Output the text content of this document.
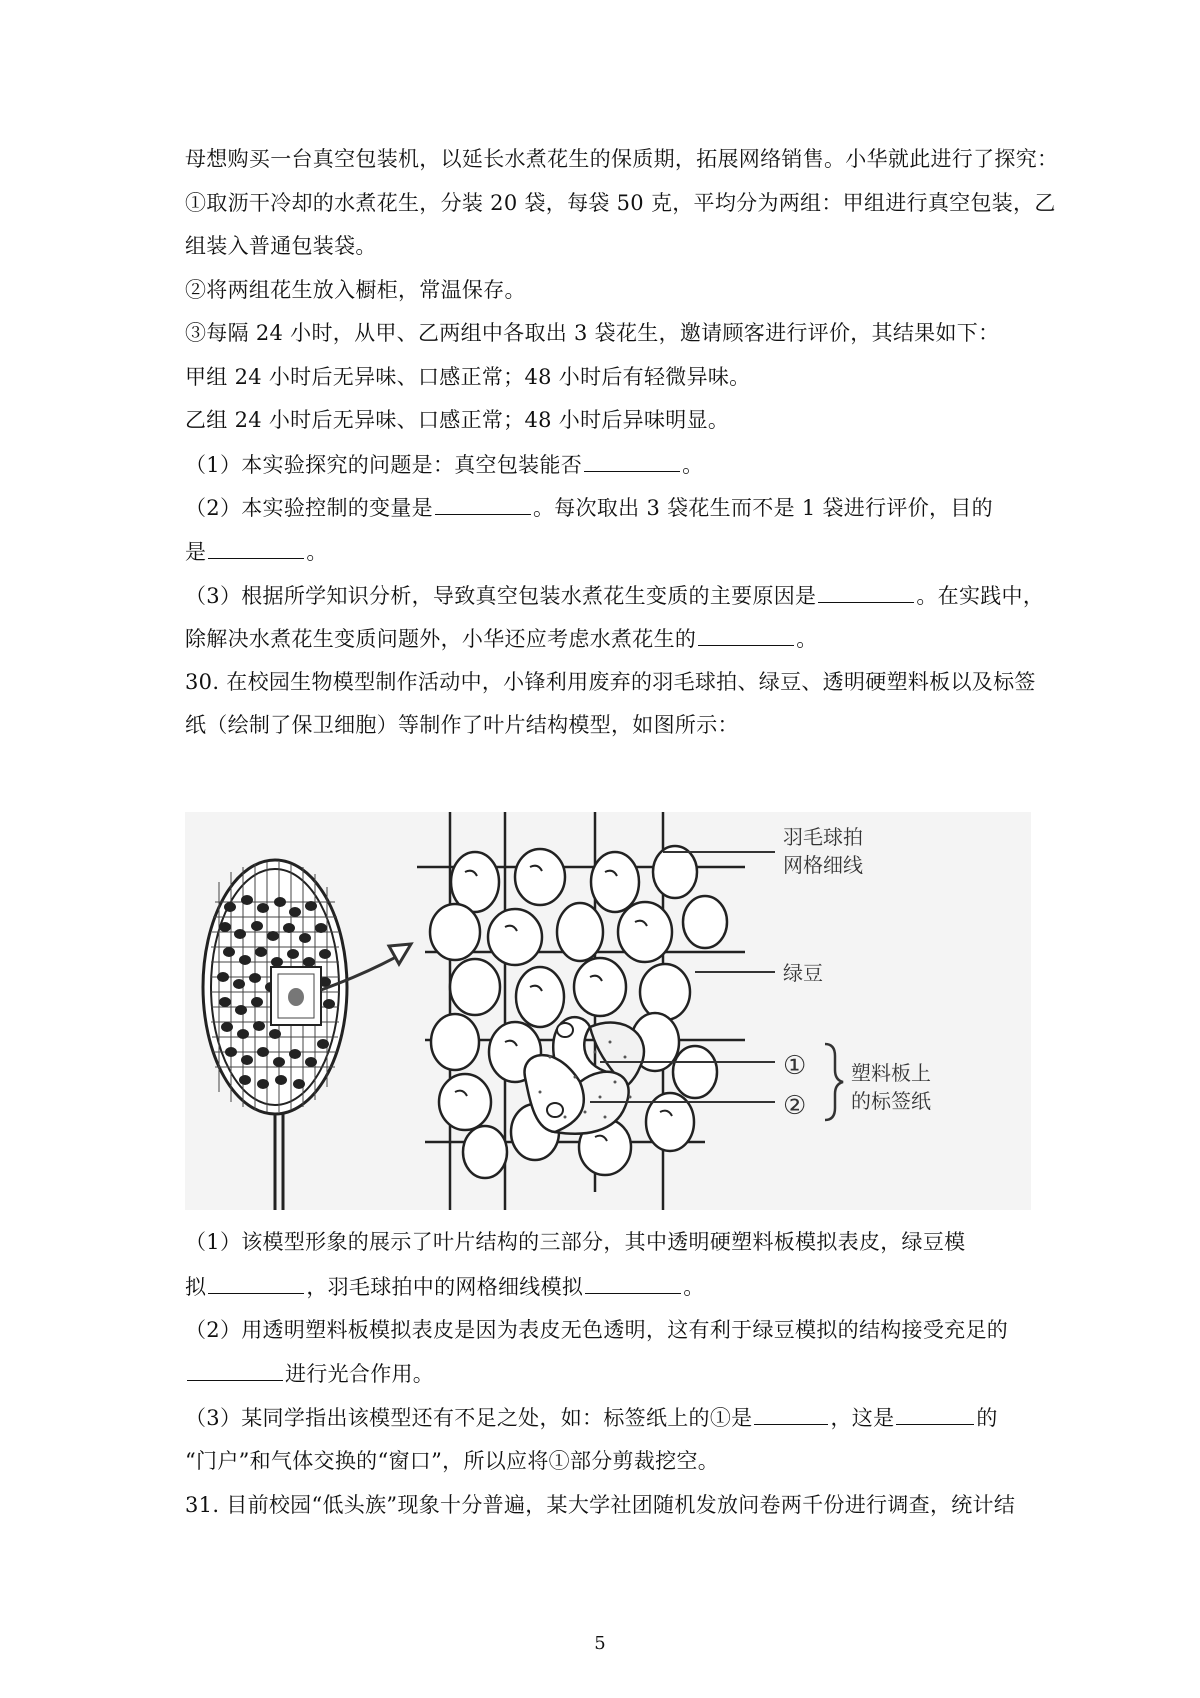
母想购买一台真空包装机，以延长水煮花生的保质期，拓展网络销售。小华就此进行了探究：
①取沥干冷却的水煮花生，分装 20 袋，每袋 50 克，平均分为两组：甲组进行真空包装，乙
组装入普通包装袋。
②将两组花生放入橱柜，常温保存。
③每隔 24 小时，从甲、乙两组中各取出 3 袋花生，邀请顾客进行评价，其结果如下：
甲组 24 小时后无异味、口感正常；48 小时后有轻微异味。
乙组 24 小时后无异味、口感正常；48 小时后异味明显。
（1）本实验探究的问题是：真空包装能否	。
（2）本实验控制的变量是	。每次取出 3 袋花生而不是 1 袋进行评价，目的
是	。
（3）根据所学知识分析，导致真空包装水煮花生变质的主要原因是	。在实践中，
除解决水煮花生变质问题外，小华还应考虑水煮花生的	。
30. 在校园生物模型制作活动中，小锋利用废弃的羽毛球拍、绿豆、透明硬塑料板以及标签
纸（绘制了保卫细胞）等制作了叶片结构模型，如图所示：
羽毛球拍
网格细线
绿豆
①
②
塑料板上
的标签纸
（1）该模型形象的展示了叶片结构的三部分，其中透明硬塑料板模拟表皮，绿豆模
拟	，羽毛球拍中的网格细线模拟	。
（2）用透明塑料板模拟表皮是因为表皮无色透明，这有利于绿豆模拟的结构接受充足的
进行光合作用。
（3）某同学指出该模型还有不足之处，如：标签纸上的①是	，这是	的
“门户”和气体交换的“窗口”，所以应将①部分剪裁挖空。
31. 目前校园“低头族”现象十分普遍，某大学社团随机发放问卷两千份进行调查，统计结
5
